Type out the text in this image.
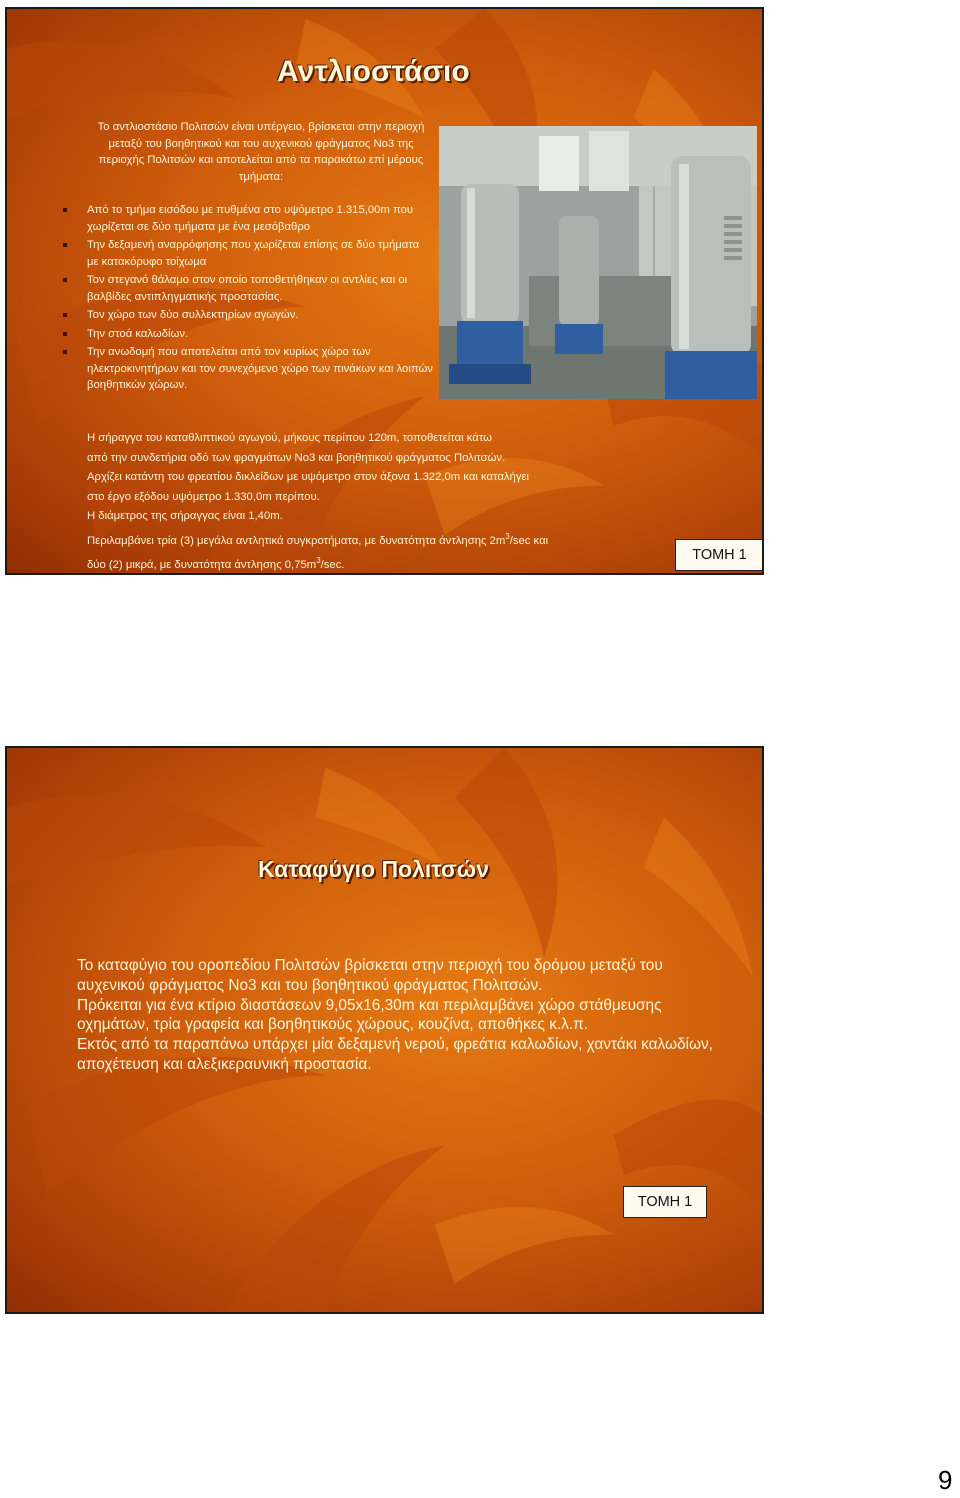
Αντλιοστάσιο
Το αντλιοστάσιο Πολιτσών είναι υπέργειο, βρίσκεται στην περιοχή μεταξύ του βοηθητικού και του αυχενικού φράγματος Νο3 της περιοχής Πολιτσών και αποτελείται από τα παρακάτω επί μέρους τμήματα:
Από το τμήμα εισόδου με πυθμένα στο υψόμετρο 1.315,00m που χωρίζεται σε δύο τμήματα με ένα μεσόβαθρο
Την δεξαμενή αναρρόφησης που χωρίζεται επίσης σε δύο τμήματα με κατακόρυφο τοίχωμα
Τον στεγανό θάλαμο στον οποίο τοποθετήθηκαν οι αντλίες και οι βαλβίδες αντιπληγματικής προστασίας.
Τον χώρο των δύο συλλεκτηρίων αγωγών.
Την στοά καλωδίων.
Την ανωδομή που αποτελείται από τον κυρίως χώρο των ηλεκτροκινητήρων και τον συνεχόμενο χώρο των πινάκων και λοιπών βοηθητικών χώρων.

Η σήραγγα του καταθλιπτικού αγωγού, μήκους περίπου 120m, τοποθετείται κάτω

από την συνδετήρια οδό των φραγμάτων Νο3 και βοηθητικού φράγματος Πολιτσών.

Αρχίζει κατάντη του φρεατίου δικλείδων με υψόμετρο στον άξονα 1.322,0m και καταλήγει

στο έργο εξόδου υψόμετρο 1.330,0m περίπου.

Η διάμετρος της σήραγγας είναι 1,40m.

Περιλαμβάνει τρία (3) μεγάλα αντλητικά συγκροτήματα, με δυνατότητα άντλησης $2m^3/\sec$ και

δύο (2) μικρά, με δυνατότητα άντλησης $0,75m^3/\sec$.

ΤΟΜΗ 1
Καταφύγιο Πολιτσών

Το καταφύγιο του οροπεδίου Πολιτσών βρίσκεται στην περιοχή του δρόμου μεταξύ του αυχενικού φράγματος Νο3 και του βοηθητικού φράγματος Πολιτσών.

Πρόκειται για ένα κτίριο διαστάσεων 9,05x16,30m και περιλαμβάνει χώρο στάθμευσης οχημάτων, τρία γραφεία και βοηθητικούς χώρους, κουζίνα, αποθήκες κ.λ.π.

Εκτός από τα παραπάνω υπάρχει μία δεξαμενή νερού, φρεάτια καλωδίων, χαντάκι καλωδίων, αποχέτευση και αλεξικεραυνική προστασία.

ΤΟΜΗ 1
9
